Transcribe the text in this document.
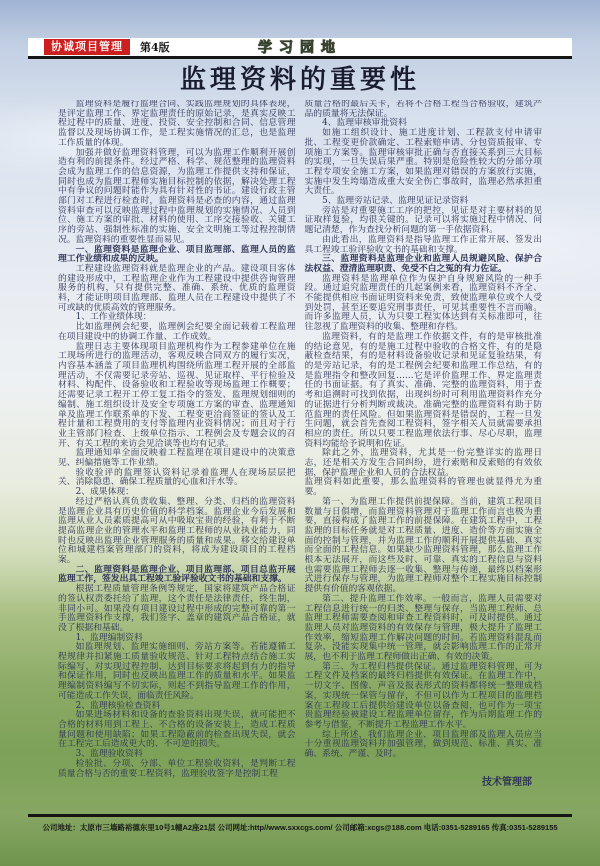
协诚项目管理	第4版	学习园地
监理资料的重要性

监理资料是履行监理合同、实践监理规划的具体表现，是评定监理工作、界定监理责任的原始记录，是真实反映工程过程中的质量、进度、投资、安全控制和合同、信息管理监督以及现场协调工作，是工程实施情况的汇总，也是监理工作质量的体现。

加强并做好监理资料管理，可以为监理工作顺利开展创造有利的前提条件。经过严格、科学、规范整理的监理资料会成为监理工作的信息资源，为监理工作提供支持和保证，同时也成为监理工程师实施目标控制的依据，解决处理工程中有争议的问题时能作为具有针对性的书证。建设行政主管部门对工程进行检查时，监理资料是必查的内容，通过监理资料审查可以反映监理过程中监理规划的实施情况、人员到位、施工方案的审批、材料的使用、工序交接验收、关键工序的旁站、强制性标准的实施、安全文明施工等过程控制情况。监理资料的重要性显而易见。

一、监理资料是监理企业、项目监理部、监理人员的监理工作业绩和成果的反映。

工程建设监理资料就是监理企业的产品。建设项目客体的建设形成中，工程监理企业作为工程建设中提供咨询管理服务的机构，只有提供完整、准确、系统、优质的监理资料，才能证明项目监理部、监理人员在工程建设中提供了不可或缺的优质高效的管理服务。

1、工作业绩体现：

比如监理例会纪要，监理例会纪要全面记载着工程监理在项目建设中的协调工作量、工作成效。

监理日志主要体现项目监理机构作为工程参建单位在施工现场所进行的监理活动，客观反映合同双方的履行实况，内容基本涵盖了项目监理机构围绕所监理工程开展的全部监理活动，不仅需要记录旁站、巡视、见证取样、平行检验及材料、构配件、设备验收和工程验收等现场监理工作概要；还需要记录工程开工停工复工指令的签发、监理规划细则的编制、施工组织设计及安全专项施工方案的审查、监理通知单及监理工作联系单的下发、工程变更洽商签证的签认及工程计量和工程费用的支付等监理内业资料情况；而且对于行业主管部门检查、上级单位指示、工程例会及专题会议的召开、有关工程的来访会见洽谈等也均有记录。

监理通知单全面反映着工程监理在项目建设中的决策意见、纠偏措施等工作业绩。

验收验评的监理签认资料记录着监理人在现场层层把关、消除隐患、确保工程质量的心血和汗水等。

2、成果体现：

经过严格认真负责收集、整理、分类、归档的监理资料是监理企业具有历史价值的科学档案。监理企业今后发展和监理从业人员素质提高可从中吸取宝贵的经验，有利于不断提高监理企业的管理水平和监理工程师的从业执业能力，同时也反映出监理企业管理服务的质量和成果。移交给建设单位和城建档案管理部门的资料，将成为建设项目的工程档案。

二、监理资料是监理企业、项目监理部、项目总监开展监理工作，签发出具工程竣工验评验收文书的基础和支撑。

根据工程质量管理条例等规定，国家将建筑产品合格证的签认权责委托给了监理，这个责任是法律责任，终生制，非同小可。如果没有项目建设过程中形成的完整可靠的第一手监理资料作支撑，我们签字、盖章的建筑产品合格证，就没了根据和基础。

1、监理编制资料

如监理规划、监理实施细则、旁站方案等。若能遵循工程规律并扣紧施工质量验收规范、针对工程特点结合施工实际编写，对实现过程控制、达到目标要求将起到有力的指导和保证作用，同时也反映出监理工作的质量和水平。如果监理编制资料编写不切实际，则起不到指导监理工作的作用，可能造成工作失误，面临责任风险。

2、监理核验检查资料

如果进场材料和设备的查验资料出现失误，就可能把不合格的材料用到工程上、不合格的设备安装上，造成工程质量问题和使用缺陷；如果工程隐蔽前的检查出现失误，就会在工程完工后造成更大的、不可逆的损失。

3、监理验收资料

检验批、分项、分部、单位工程验收资料，是判断工程质量合格与否的重要工程资料，监理验收签字是控制工程

质量合格的最后关卡，若将不合格工程当合格验收，建筑产品的质量将无法保证。

4、监理审核审批资料

如施工组织设计、施工进度计划、工程款支付申请审批、工程变更价款确定、工程索赔申请、分包资质报审、专项施工方案等。监理审核审批正确与否直接关系到三大目标的实现，一旦失误后果严重。特别是危险性较大的分部分项工程专项安全施工方案，如果监理对错误的方案放行实施，实施中发生垮塌造成重大安全伤亡事故时，监理必然承担重大责任。

5、监理旁站记录、监理见证记录资料

旁站是对重要施工工序的把控，见证是对主要材料的见证取样复验，均很关键的。记录可以将实施过程中情况、问题记清楚，作为查找分析问题的第一手依据资料。

由此看出，监理资料是指导监理工作正常开展、签发出具工程竣工验评验收文书的基础和支撑。

三、监理资料是监理企业和监理人员规避风险、保护合法权益、澄清监理职责、免受不白之冤的有力佐证。

监理资料是监理单位作为保护自身规避风险的一种手段。通过追究监理责任的几起案例来看，监理资料不齐全、不能提供相应书面证明资料来免责，致使监理单位或个人受到处罚，甚至还要追究刑事责任，可见其重要性不言而喻。而许多监理人员，认为只要工程实体达到有关标准即可，往往忽视了监理资料的收集、整理和存档。

监理资料，有的是监理工作依据文件，有的是审核批准的结论意见，有的是施工过程中验收的合格文件，有的是隐蔽检查结果，有的是材料设备验收记录和见证复验结果，有的是旁站记录，有的是工程例会纪要和监理工作总结，有的是监理指令和整改回复……它是评价监理工作、界定监理责任的书面证据。有了真实、准确、完整的监理资料，用于查考和追溯时可找到依据，出现纠纷时可利用监理资料作充分的证据进行分析判断或裁决。准确完整的监理资料有助于防范监理的责任风险。但如果监理资料是错误的，工程一旦发生问题，就会首先查阅工程资料，签字相关人员就需要承担相应的责任。所以只要工程监理依法行事、尽心尽职，监理资料均能给予说明和佐证。

除此之外，监理资料，尤其是一份完整详实的监理日志，还是相关方发生合同纠纷，进行索赔和反索赔的有效依据，保护监理企业和人员的合法权益。

监理资料如此重要，那么监理资料的管理也就显得尤为重要。

第一、为监理工作提供前提保障。当前，建筑工程项目数量与日俱增，而监理资料管理对于监理工作而言也极为重要，直接构成了监理工作的前提保障。在建筑工程中，工程监理的目标任务就是对工程质量、进度、造价等方面实施全面的控制与管理，并为监理工作的顺利开展提供基础、真实而全面的工程信息。如果缺少监理资料管理，那么监理工作根本无法展开，而这些及时、可靠、真实的工程信息与资料也需要监理工程师去逐一收集、整理与传递，最终以档案形式进行保存与管理，为监理工程师对整个工程实施目标控制提供有价值的客观依据。

第二、提升监理工作效率。一般而言，监理人员需要对工程信息进行统一的归类、整理与保存，当监理工程师、总监理工程师需要查阅和审查工程资料时，可及时提供。通过监理人员对监理资料的有效保存与管理，极大提升了监理工作效率，缩短监理工作解决问题的时间。若监理资料混乱而复杂，没能实现集中统一管理，就会影响监理工作的正常开展，也不利于监理工程师做出正确、有效的决策。

第三、为工程归档提供保证。通过监理资料管理，可为工程文件及档案的最终归档提供有效保证。在监理工作中，一切文字、图像、声音及报表形式的资料都将统一整理成档案，实现统一保管与留存，不但可以作为工程项目的监理档案在工程竣工后提供给建设单位以备查阅，也可作为一项宝贵监理经验被建设工程监理单位留存，作为后期监理工作的参考与借鉴，不断提升工程监理工作水平。

综上所述，我们监理企业、项目监理部及监理人员应当十分重视监理资料并加强管理，做到规范、标准、真实、准确、系统、严谨、及时。

技术管理部

公司地址：太原市三墙路裕德东里10号1幢A2座21层 公司网址:http//www.sxxcgs.com/ 公司邮箱:xcgs@188.com 电话:0351-5289165 传真:0351-5289155
